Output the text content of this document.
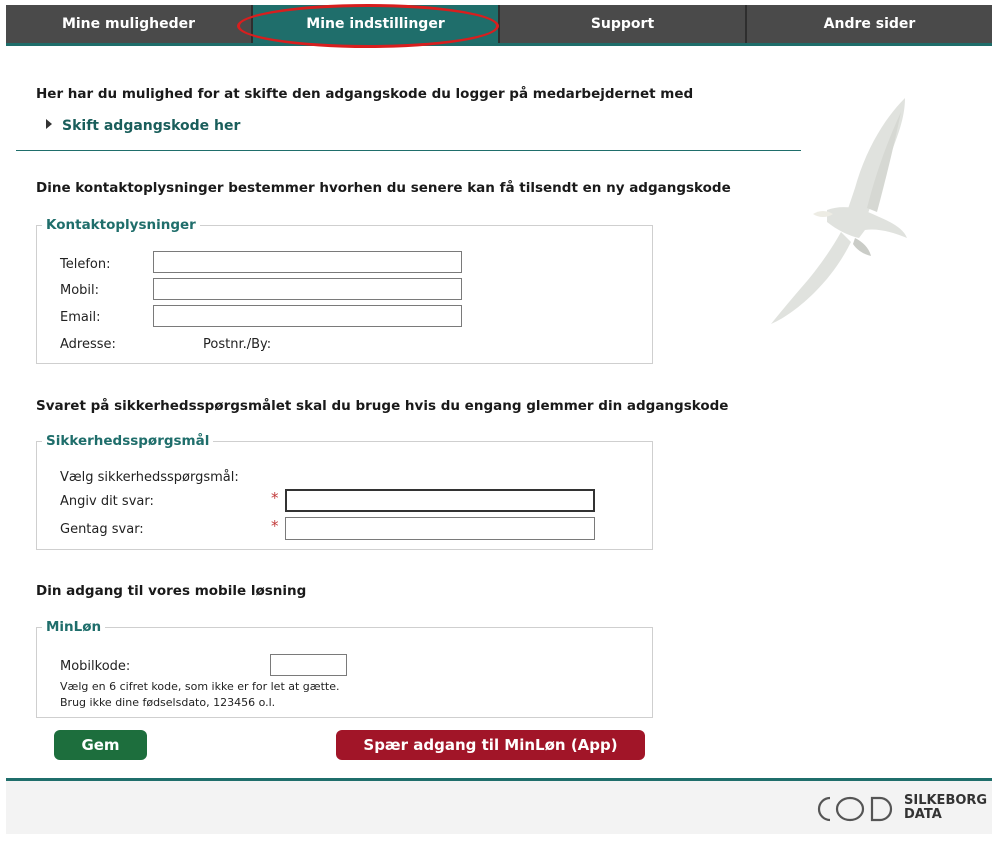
Mine muligheder	Mine indstillinger	Support	Andre sider
Her har du mulighed for at skifte den adgangskode du logger på medarbejdernet med
Skift adgangskode her
Dine kontaktoplysninger bestemmer hvorhen du senere kan få tilsendt en ny adgangskode
Kontaktoplysninger
Telefon:
Mobil:
Email:
Adresse:	Postnr./By:
Svaret på sikkerhedsspørgsmålet skal du bruge hvis du engang glemmer din adgangskode
Sikkerhedsspørgsmål
Vælg sikkerhedsspørgsmål:
Angiv dit svar:	*
Gentag svar:	*
Din adgang til vores mobile løsning
MinLøn
Mobilkode:
Vælg en 6 cifret kode, som ikke er for let at gætte.
Brug ikke dine fødselsdato, 123456 o.l.
Gem	Spær adgang til MinLøn (App)
SILKEBORG
DATA
